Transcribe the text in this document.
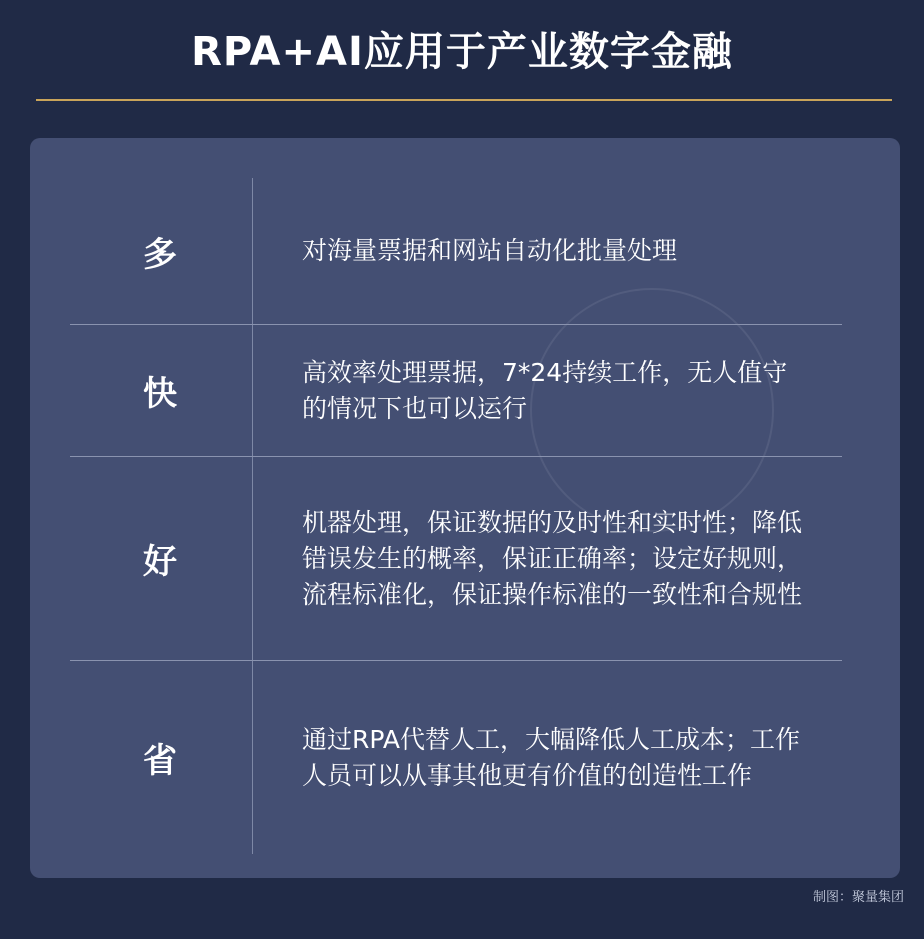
RPA+AI应用于产业数字金融
多	对海量票据和网站自动化批量处理
快
高效率处理票据，7*24持续工作，无人值守的情况下也可以运行
好
机器处理，保证数据的及时性和实时性；降低错误发生的概率，保证正确率；设定好规则，流程标准化，保证操作标准的一致性和合规性
省
通过RPA代替人工，大幅降低人工成本；工作人员可以从事其他更有价值的创造性工作
制图：聚量集团
